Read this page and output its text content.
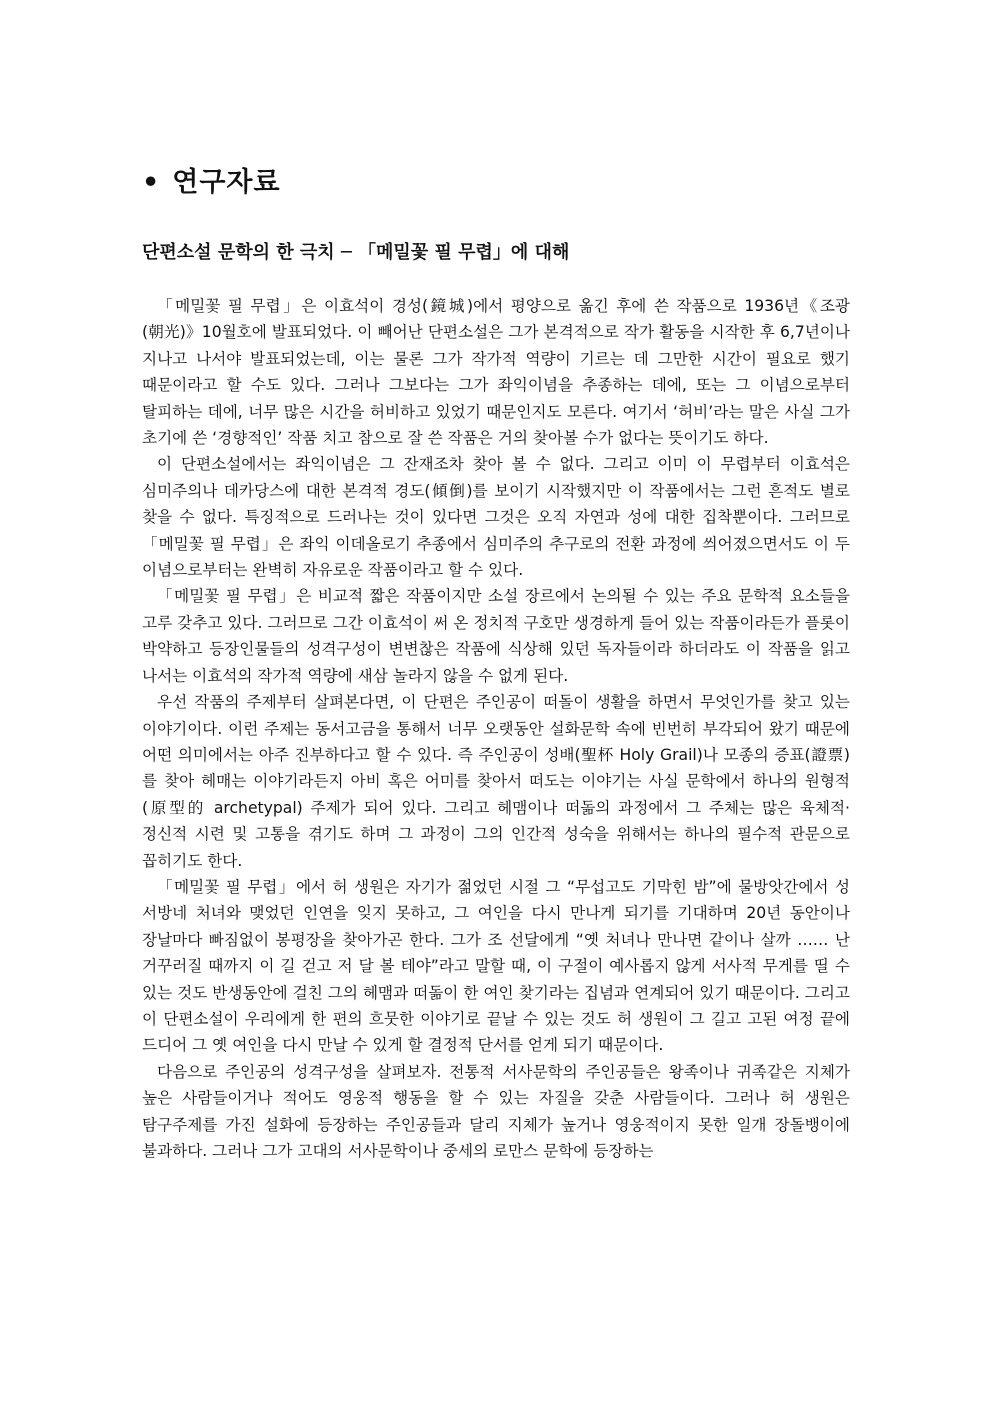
• 연구자료
단편소설 문학의 한 극치 ─ 「메밀꽃 필 무렵」에 대해

「메밀꽃 필 무렵」은 이효석이 경성(鏡城)에서 평양으로 옮긴 후에 쓴 작품으로 1936년《조광(朝光)》10월호에 발표되었다. 이 빼어난 단편소설은 그가 본격적으로 작가 활동을 시작한 후 6,7년이나 지나고 나서야 발표되었는데, 이는 물론 그가 작가적 역량이 기르는 데 그만한 시간이 필요로 했기 때문이라고 할 수도 있다. 그러나 그보다는 그가 좌익이념을 추종하는 데에, 또는 그 이념으로부터 탈피하는 데에, 너무 많은 시간을 허비하고 있었기 때문인지도 모른다. 여기서 ‘허비’라는 말은 사실 그가 초기에 쓴 ‘경향적인’ 작품 치고 참으로 잘 쓴 작품은 거의 찾아볼 수가 없다는 뜻이기도 하다.

이 단편소설에서는 좌익이념은 그 잔재조차 찾아 볼 수 없다. 그리고 이미 이 무렵부터 이효석은 심미주의나 데카당스에 대한 본격적 경도(傾倒)를 보이기 시작했지만 이 작품에서는 그런 흔적도 별로 찾을 수 없다. 특징적으로 드러나는 것이 있다면 그것은 오직 자연과 성에 대한 집착뿐이다. 그러므로 「메밀꽃 필 무렵」은 좌익 이데올로기 추종에서 심미주의 추구로의 전환 과정에 씌어졌으면서도 이 두 이념으로부터는 완벽히 자유로운 작품이라고 할 수 있다.

「메밀꽃 필 무렵」은 비교적 짧은 작품이지만 소설 장르에서 논의될 수 있는 주요 문학적 요소들을 고루 갖추고 있다. 그러므로 그간 이효석이 써 온 정치적 구호만 생경하게 들어 있는 작품이라든가 플롯이 박약하고 등장인물들의 성격구성이 변변찮은 작품에 식상해 있던 독자들이라 하더라도 이 작품을 읽고 나서는 이효석의 작가적 역량에 새삼 놀라지 않을 수 없게 된다.

우선 작품의 주제부터 살펴본다면, 이 단편은 주인공이 떠돌이 생활을 하면서 무엇인가를 찾고 있는 이야기이다. 이런 주제는 동서고금을 통해서 너무 오랫동안 설화문학 속에 빈번히 부각되어 왔기 때문에 어떤 의미에서는 아주 진부하다고 할 수 있다. 즉 주인공이 성배(聖杯 Holy Grail)나 모종의 증표(證票)를 찾아 헤매는 이야기라든지 아비 혹은 어미를 찾아서 떠도는 이야기는 사실 문학에서 하나의 원형적(原型的 archetypal) 주제가 되어 있다. 그리고 헤맴이나 떠돎의 과정에서 그 주체는 많은 육체적·정신적 시련 및 고통을 겪기도 하며 그 과정이 그의 인간적 성숙을 위해서는 하나의 필수적 관문으로 꼽히기도 한다.

「메밀꽃 필 무렵」에서 허 생원은 자기가 젊었던 시절 그 “무섭고도 기막힌 밤”에 물방앗간에서 성 서방네 처녀와 맺었던 인연을 잊지 못하고, 그 여인을 다시 만나게 되기를 기대하며 20년 동안이나 장날마다 빠짐없이 봉평장을 찾아가곤 한다. 그가 조 선달에게 “옛 처녀나 만나면 같이나 살까 …… 난 거꾸러질 때까지 이 길 걷고 저 달 볼 테야”라고 말할 때, 이 구절이 예사롭지 않게 서사적 무게를 띨 수 있는 것도 반생동안에 걸친 그의 헤맴과 떠돎이 한 여인 찾기라는 집념과 연계되어 있기 때문이다. 그리고 이 단편소설이 우리에게 한 편의 흐뭇한 이야기로 끝날 수 있는 것도 허 생원이 그 길고 고된 여정 끝에 드디어 그 옛 여인을 다시 만날 수 있게 할 결정적 단서를 얻게 되기 때문이다.

다음으로 주인공의 성격구성을 살펴보자. 전통적 서사문학의 주인공들은 왕족이나 귀족같은 지체가 높은 사람들이거나 적어도 영웅적 행동을 할 수 있는 자질을 갖춘 사람들이다. 그러나 허 생원은 탐구주제를 가진 설화에 등장하는 주인공들과 달리 지체가 높거나 영웅적이지 못한 일개 장돌뱅이에 불과하다. 그러나 그가 고대의 서사문학이나 중세의 로만스 문학에 등장하는
